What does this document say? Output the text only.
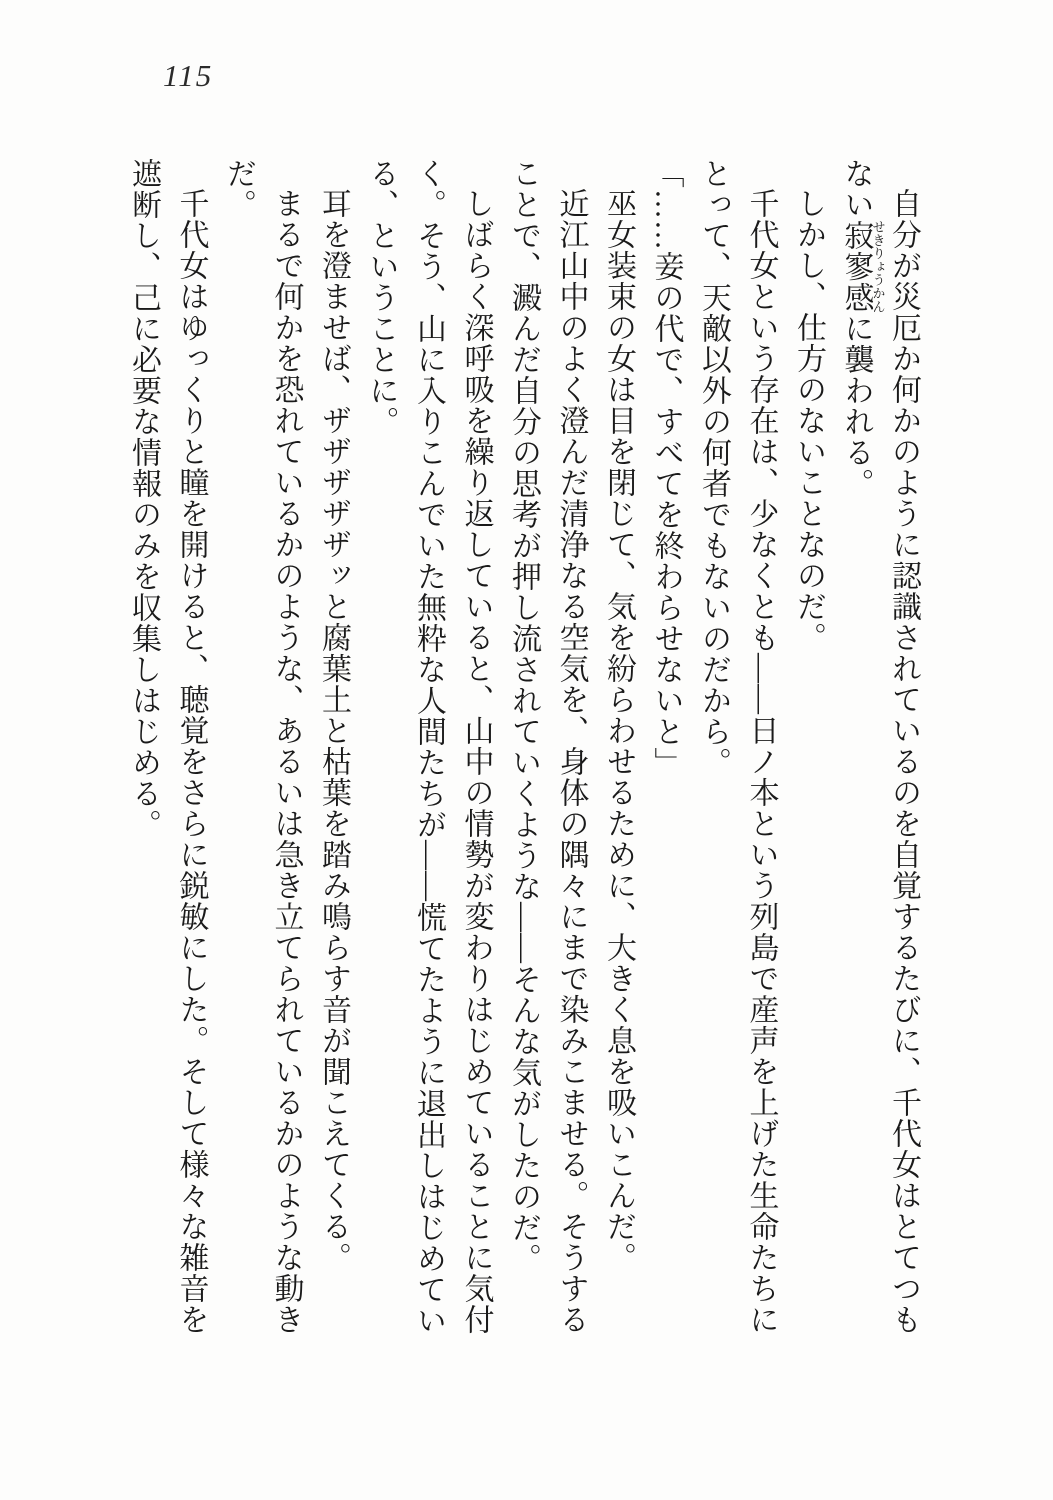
115

自分が災厄か何かのように認識されているのを自覚するたびに、千代女はとてつもない寂寥感せきりょうかんに襲われる。

しかし、仕方のないことなのだ。

千代女という存在は、少なくとも——日ノ本という列島で産声を上げた生命たちにとって、天敵以外の何者でもないのだから。

「……妾の代で、すべてを終わらせないと」

巫女装束の女は目を閉じて、気を紛らわせるために、大きく息を吸いこんだ。

近江山中のよく澄んだ清浄なる空気を、身体の隅々にまで染みこませる。そうすることで、澱んだ自分の思考が押し流されていくような——そんな気がしたのだ。

しばらく深呼吸を繰り返していると、山中の情勢が変わりはじめていることに気付く。そう、山に入りこんでいた無粋な人間たちが——慌てたように退出しはじめている、ということに。

耳を澄ませば、ザザザザザッと腐葉土と枯葉を踏み鳴らす音が聞こえてくる。

まるで何かを恐れているかのような、あるいは急き立てられているかのような動きだ。

千代女はゆっくりと瞳を開けると、聴覚をさらに鋭敏にした。そして様々な雑音を遮断し、己に必要な情報のみを収集しはじめる。
